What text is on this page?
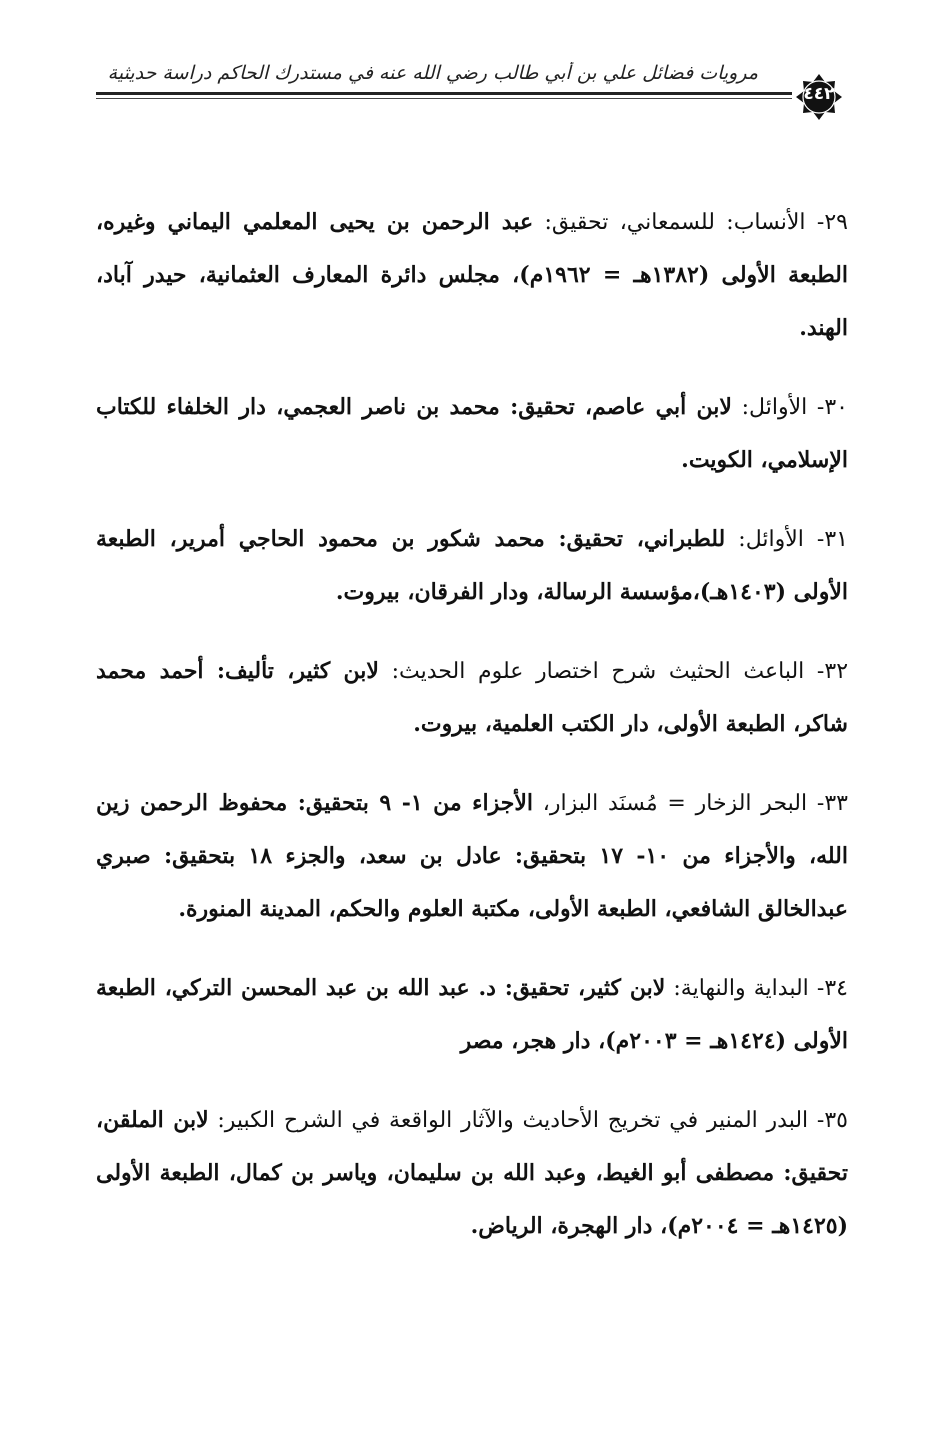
مرويات فضائل علي بن أبي طالب رضي الله عنه في مستدرك الحاكم دراسة حديثية
٤٤٢

٢٩- الأنساب: للسمعاني، تحقيق: عبد الرحمن بن يحيى المعلمي اليماني وغيره، الطبعة الأولى (١٣٨٢هـ = ١٩٦٢م)، مجلس دائرة المعارف العثمانية، حيدر آباد، الهند.

٣٠- الأوائل: لابن أبي عاصم، تحقيق: محمد بن ناصر العجمي، دار الخلفاء للكتاب الإسلامي، الكويت.

٣١- الأوائل: للطبراني، تحقيق: محمد شكور بن محمود الحاجي أمرير، الطبعة الأولى (١٤٠٣هـ)،مؤسسة الرسالة، ودار الفرقان، بيروت.

٣٢- الباعث الحثيث شرح اختصار علوم الحديث: لابن كثير، تأليف: أحمد محمد شاكر، الطبعة الأولى، دار الكتب العلمية، بيروت.

٣٣- البحر الزخار = مُسنَد البزار، الأجزاء من ١- ٩ بتحقيق: محفوظ الرحمن زين الله، والأجزاء من ١٠- ١٧ بتحقيق: عادل بن سعد، والجزء ١٨ بتحقيق: صبري عبدالخالق الشافعي، الطبعة الأولى، مكتبة العلوم والحكم، المدينة المنورة.

٣٤- البداية والنهاية: لابن كثير، تحقيق: د. عبد الله بن عبد المحسن التركي، الطبعة الأولى (١٤٢٤هـ = ٢٠٠٣م)، دار هجر، مصر

٣٥- البدر المنير في تخريج الأحاديث والآثار الواقعة في الشرح الكبير: لابن الملقن، تحقيق: مصطفى أبو الغيط، وعبد الله بن سليمان، وياسر بن كمال، الطبعة الأولى (١٤٢٥هـ = ٢٠٠٤م)، دار الهجرة، الرياض.
